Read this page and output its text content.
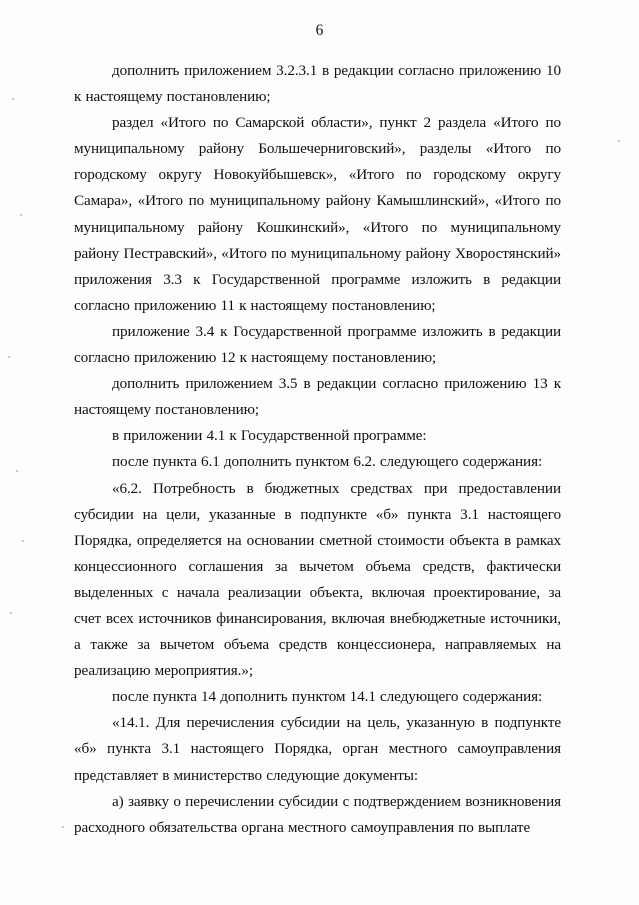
6

дополнить приложением 3.2.3.1 в редакции согласно приложению 10 к настоящему постановлению;

раздел «Итого по Самарской области», пункт 2 раздела «Итого по муниципальному району Большечерниговский», разделы «Итого по городскому округу Новокуйбышевск», «Итого по городскому округу Самара», «Итого по муниципальному району Камышлинский», «Итого по муниципальному району Кошкинский», «Итого по муниципальному району Пестравский», «Итого по муниципальному району Хворостянский» приложения 3.3 к Государственной программе изложить в редакции согласно приложению 11 к настоящему постановлению;

приложение 3.4 к Государственной программе изложить в редакции согласно приложению 12 к настоящему постановлению;

дополнить приложением 3.5 в редакции согласно приложению 13 к настоящему постановлению;

в приложении 4.1 к Государственной программе:

после пункта 6.1 дополнить пунктом 6.2. следующего содержания:

«6.2. Потребность в бюджетных средствах при предоставлении субсидии на цели, указанные в подпункте «б» пункта 3.1 настоящего Порядка, определяется на основании сметной стоимости объекта в рамках концессионного соглашения за вычетом объема средств, фактически выделенных с начала реализации объекта, включая проектирование, за счет всех источников финансирования, включая внебюджетные источники, а также за вычетом объема средств концессионера, направляемых на реализацию мероприятия.»;

после пункта 14 дополнить пунктом 14.1 следующего содержания:

«14.1. Для перечисления субсидии на цель, указанную в подпункте «б» пункта 3.1 настоящего Порядка, орган местного самоуправления представляет в министерство следующие документы:

а) заявку о перечислении субсидии с подтверждением возникновения расходного обязательства органа местного самоуправления по выплате
